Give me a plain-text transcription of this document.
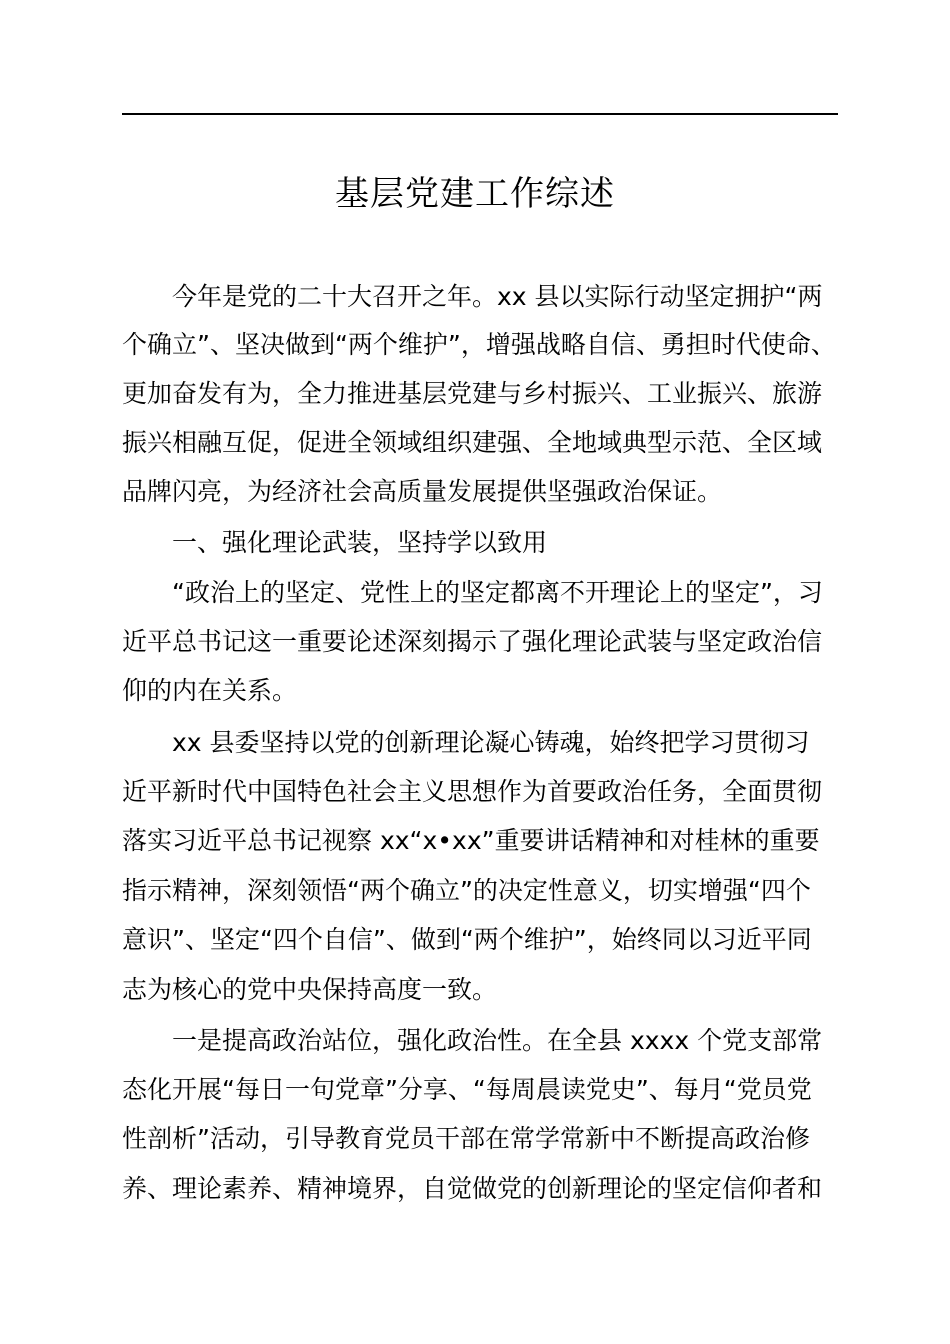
基层党建工作综述

今年是党的二十大召开之年。xx 县以实际行动坚定拥护“两

个确立”、坚决做到“两个维护”，增强战略自信、勇担时代使命、

更加奋发有为，全力推进基层党建与乡村振兴、工业振兴、旅游

振兴相融互促，促进全领域组织建强、全地域典型示范、全区域

品牌闪亮，为经济社会高质量发展提供坚强政治保证。

一、强化理论武装，坚持学以致用

“政治上的坚定、党性上的坚定都离不开理论上的坚定”，习

近平总书记这一重要论述深刻揭示了强化理论武装与坚定政治信

仰的内在关系。

xx 县委坚持以党的创新理论凝心铸魂，始终把学习贯彻习

近平新时代中国特色社会主义思想作为首要政治任务，全面贯彻

落实习近平总书记视察 xx“x•xx”重要讲话精神和对桂林的重要

指示精神，深刻领悟“两个确立”的决定性意义，切实增强“四个

意识”、坚定“四个自信”、做到“两个维护”，始终同以习近平同

志为核心的党中央保持高度一致。

一是提高政治站位，强化政治性。在全县 xxxx 个党支部常

态化开展“每日一句党章”分享、“每周晨读党史”、每月“党员党

性剖析”活动，引导教育党员干部在常学常新中不断提高政治修

养、理论素养、精神境界，自觉做党的创新理论的坚定信仰者和
